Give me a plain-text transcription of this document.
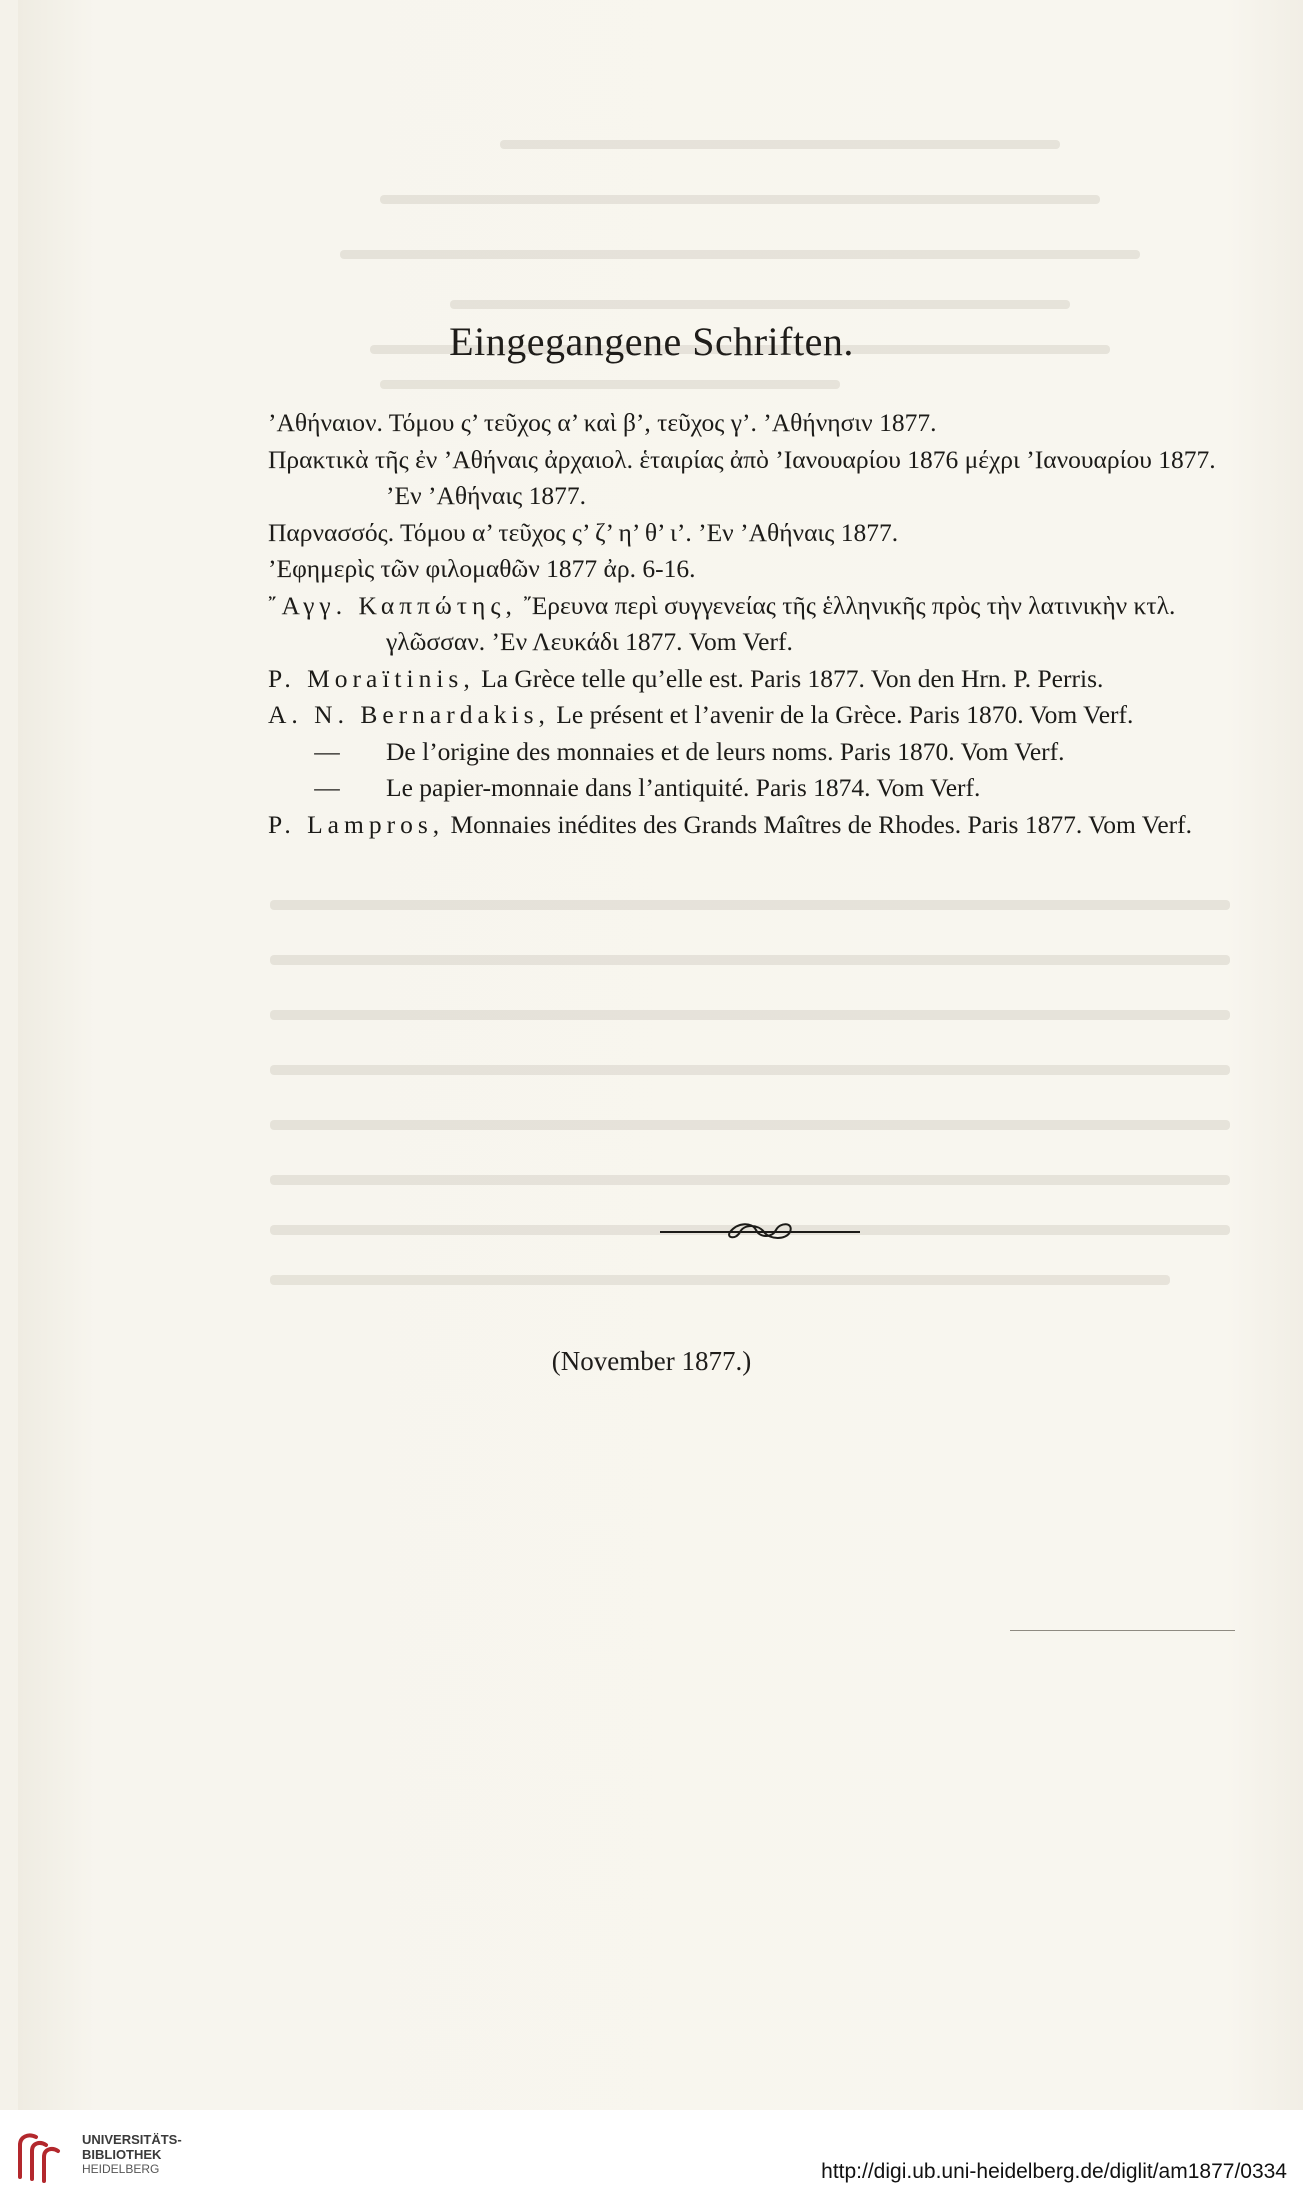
Eingegangene Schriften.

’Αθήναιον. Τόμου ς’ τεῦχος α’ καὶ β’, τεῦχος γ’. ’Αθήνησιν 1877.

Πρακτικὰ τῆς ἐν ’Αθήναις ἀρχαιολ. ἑταιρίας ἀπὸ ’Ιανουαρίου 1876 μέχρι ’Ιανουαρίου 1877. ’Εν ’Αθήναις 1877.

Παρνασσός. Τόμου α’ τεῦχος ς’ ζ’ η’ θ’ ι’. ’Εν ’Αθήναις 1877.

’Εφημερὶς τῶν φιλομαθῶν 1877 ἀρ. 6-16.

῎Αγγ. Καππώτης, ῎Ερευνα περὶ συγγενείας τῆς ἑλληνικῆς πρὸς τὴν λατινικὴν κτλ. γλῶσσαν. ’Εν Λευκάδι 1877. Vom Verf.

P. Moraïtinis, La Grèce telle qu’elle est. Paris 1877. Von den Hrn. P. Perris.

A. N. Bernardakis, Le présent et l’avenir de la Grèce. Paris 1870. Vom Verf.

— De l’origine des monnaies et de leurs noms. Paris 1870. Vom Verf.

— Le papier-monnaie dans l’antiquité. Paris 1874. Vom Verf.

P. Lampros, Monnaies inédites des Grands Maîtres de Rhodes. Paris 1877. Vom Verf.

(November 1877.)
UNIVERSITÄTS-
BIBLIOTHEK
HEIDELBERG	http://digi.ub.uni-heidelberg.de/diglit/am1877/0334
